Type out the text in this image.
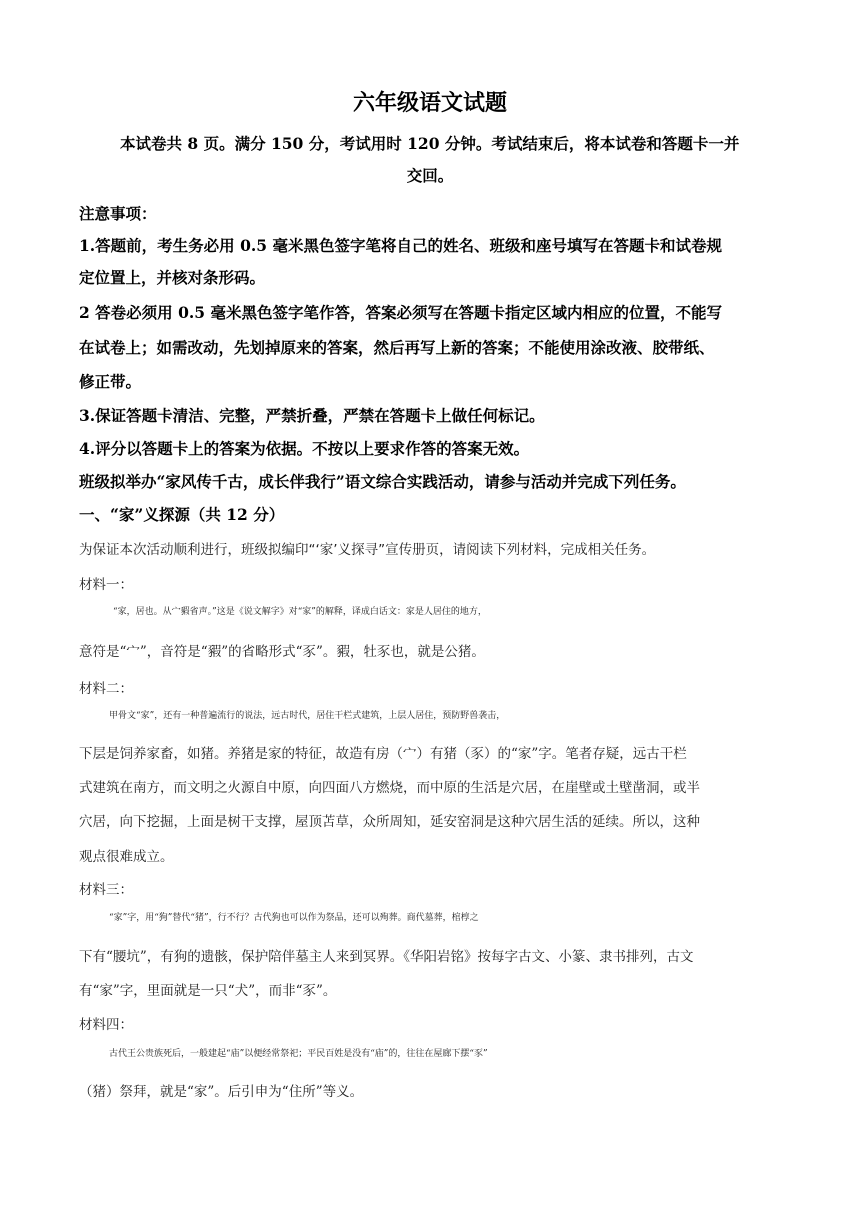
六年级语文试题
本试卷共 8 页。满分 150 分，考试用时 120 分钟。考试结束后，将本试卷和答题卡一并
交回。
注意事项：
1.答题前，考生务必用 0.5 毫米黑色签字笔将自己的姓名、班级和座号填写在答题卡和试卷规
定位置上，并核对条形码。
2 答卷必须用 0.5 毫米黑色签字笔作答，答案必须写在答题卡指定区域内相应的位置，不能写
在试卷上；如需改动，先划掉原来的答案，然后再写上新的答案；不能使用涂改液、胶带纸、
修正带。
3.保证答题卡清洁、完整，严禁折叠，严禁在答题卡上做任何标记。
4.评分以答题卡上的答案为依据。不按以上要求作答的答案无效。
班级拟举办“家风传千古，成长伴我行”语文综合实践活动，请参与活动并完成下列任务。
一、“家”义探源（共 12 分）
为保证本次活动顺利进行，班级拟编印“‘家’义探寻”宣传册页，请阅读下列材料，完成相关任务。
材料一：
“家，居也。从宀豭省声。”这是《说文解字》对“家”的解释，译成白话文：家是人居住的地方，
意符是“宀”，音符是“豭”的省略形式“豕”。豭，牡豕也，就是公猪。
材料二：
甲骨文“家”，还有一种普遍流行的说法，远古时代，居住干栏式建筑，上层人居住，预防野兽袭击，
下层是饲养家畜，如猪。养猪是家的特征，故造有房（宀）有猪（豕）的“家”字。笔者存疑，远古干栏
式建筑在南方，而文明之火源自中原，向四面八方燃烧，而中原的生活是穴居，在崖壁或土壁凿洞，或半
穴居，向下挖掘，上面是树干支撑，屋顶苫草，众所周知，延安窑洞是这种穴居生活的延续。所以，这种
观点很难成立。
材料三：
“家”字，用“狗”替代“猪”，行不行？古代狗也可以作为祭品，还可以殉葬。商代墓葬，棺椁之
下有“腰坑”，有狗的遗骸，保护陪伴墓主人来到冥界。《华阳岩铭》按每字古文、小篆、隶书排列，古文
有“家”字，里面就是一只“犬”，而非“豕”。
材料四：
古代王公贵族死后，一般建起“庙”以便经常祭祀；平民百姓是没有“庙”的，往往在屋廊下摆“豕”
（猪）祭拜，就是“家”。后引申为“住所”等义。
